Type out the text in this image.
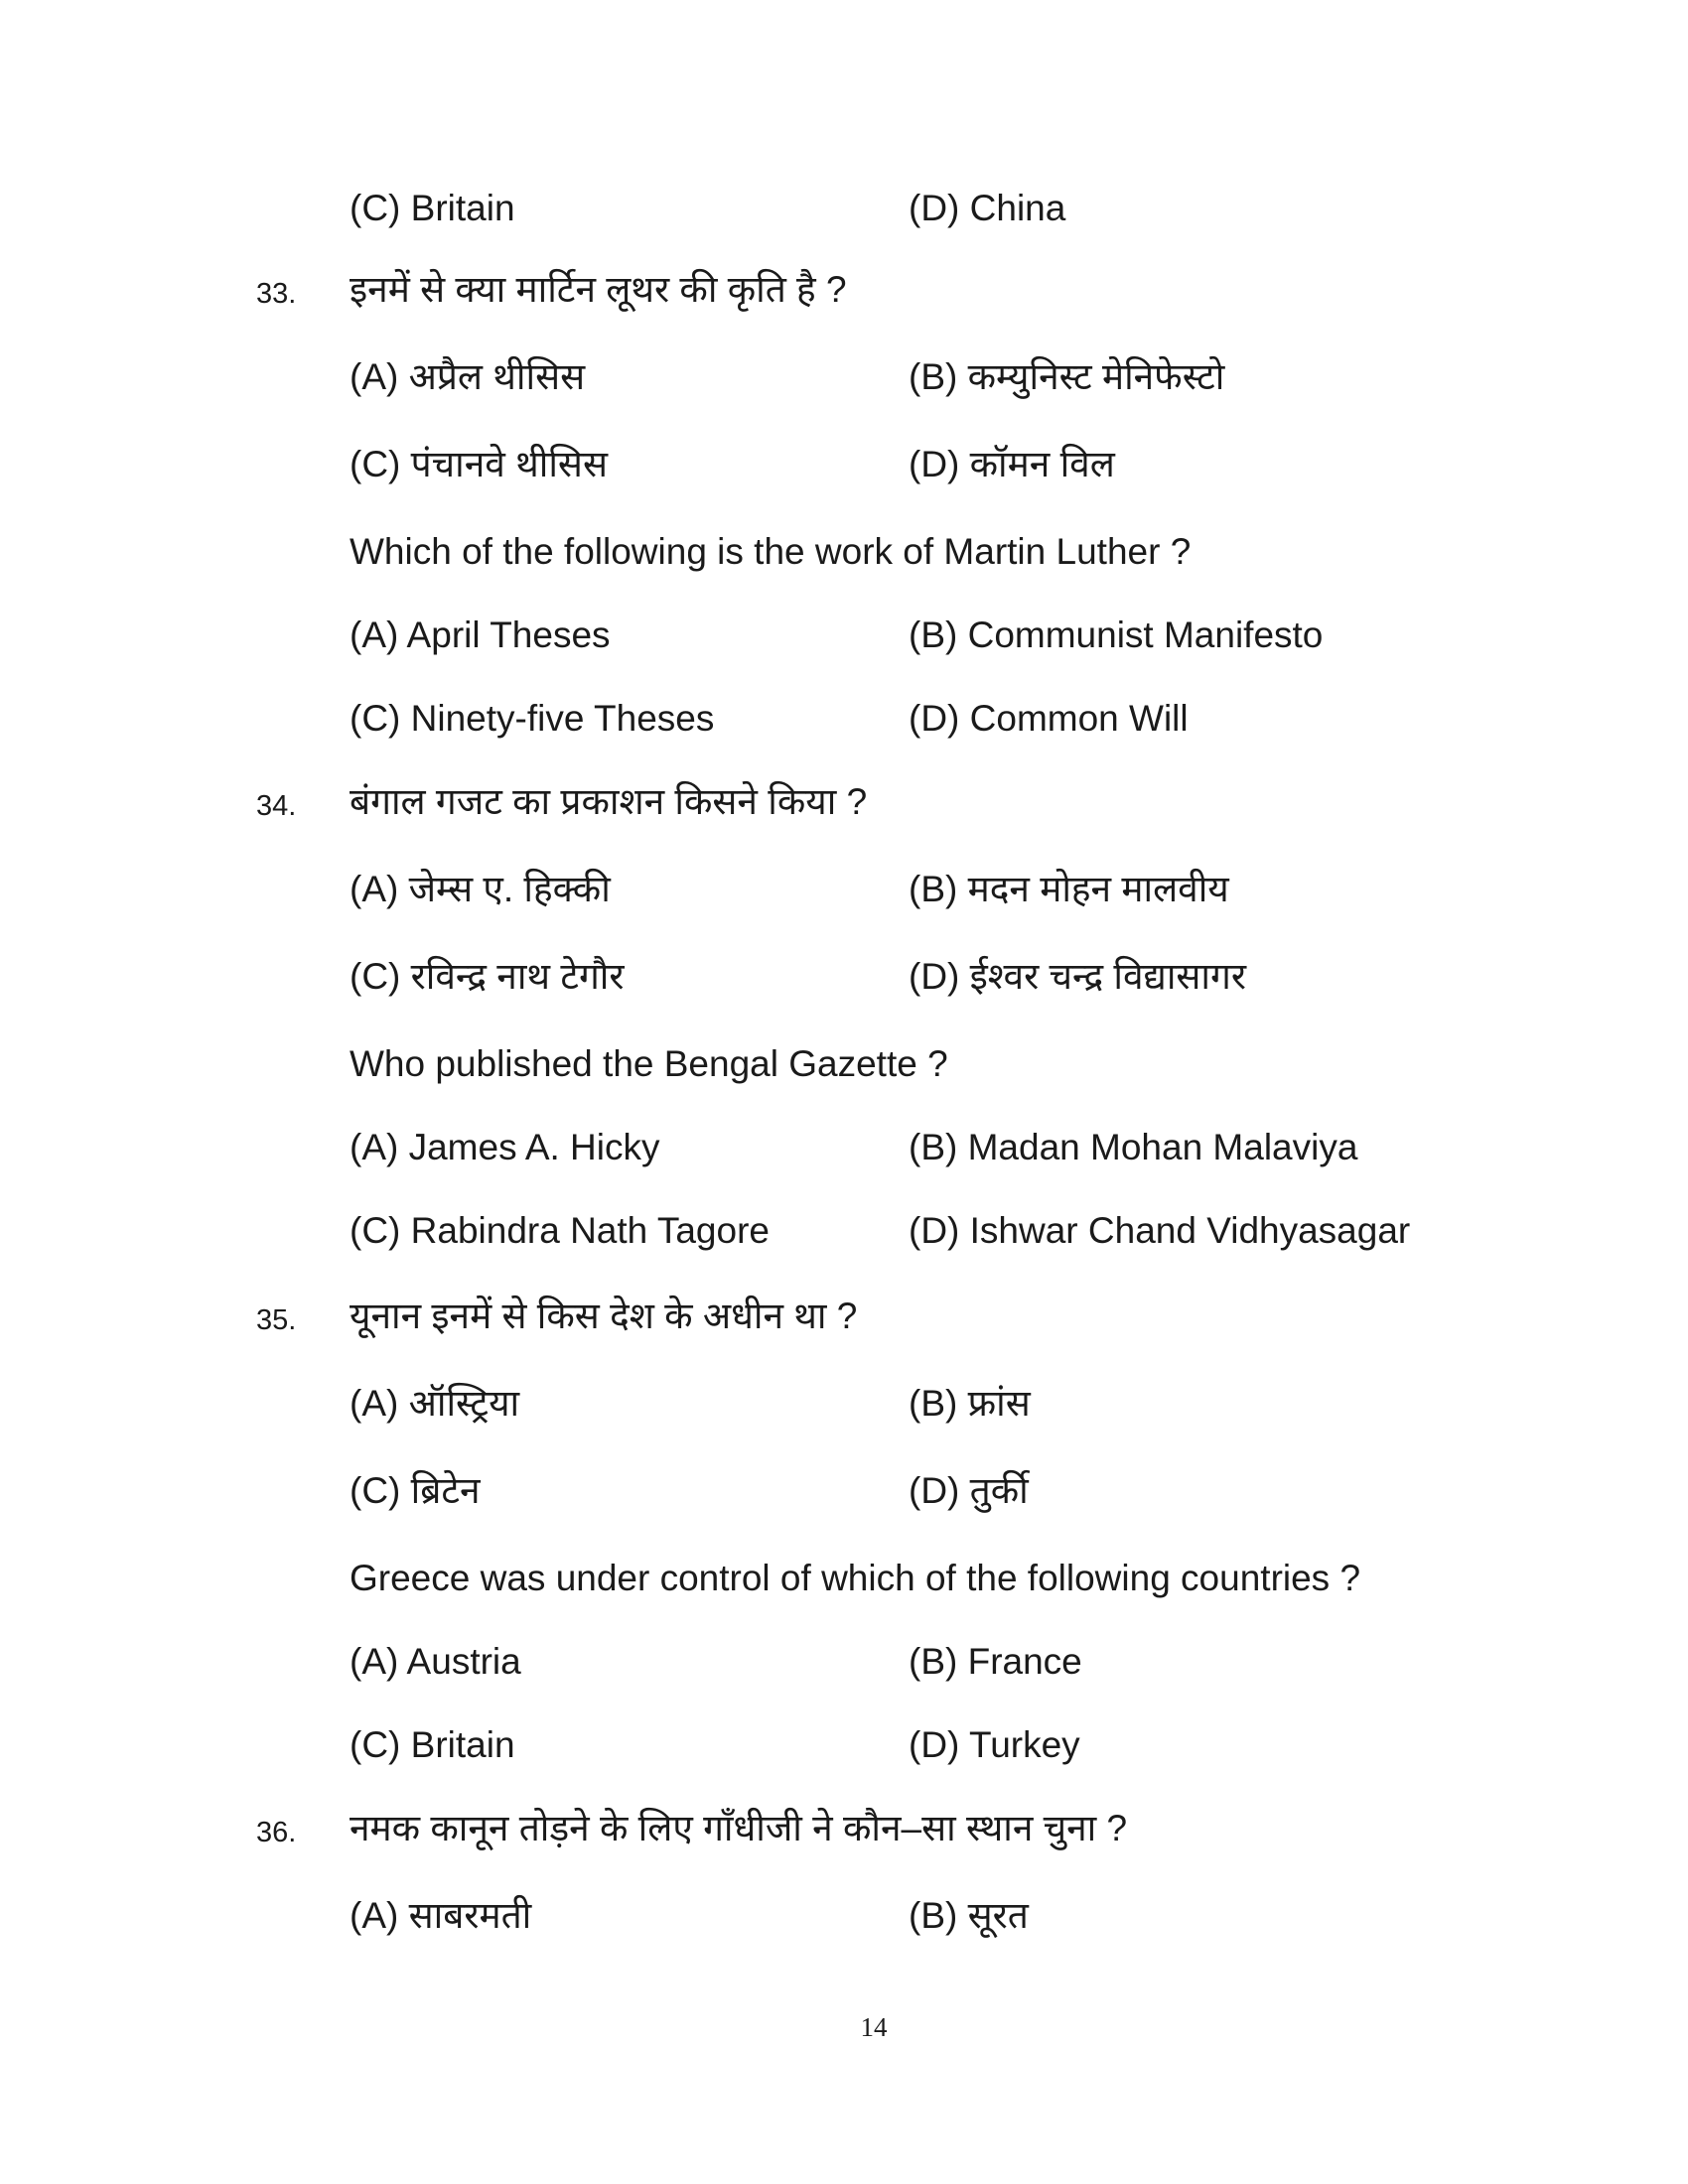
(C) Britain	(D) China
33. इनमें से क्या मार्टिन लूथर की कृति है ?
(A) अप्रैल थीसिस	(B) कम्युनिस्ट मेनिफेस्टो
(C) पंचानवे थीसिस	(D) कॉमन विल
Which of the following is the work of Martin Luther ?
(A) April Theses	(B) Communist Manifesto
(C) Ninety-five Theses	(D) Common Will
34. बंगाल गजट का प्रकाशन किसने किया ?
(A) जेम्स ए. हिक्की	(B) मदन मोहन मालवीय
(C) रविन्द्र नाथ टेगौर	(D) ईश्वर चन्द्र विद्यासागर
Who published the Bengal Gazette ?
(A) James A. Hicky	(B) Madan Mohan Malaviya
(C) Rabindra Nath Tagore	(D) Ishwar Chand Vidhyasagar
35. यूनान इनमें से किस देश के अधीन था ?
(A) ऑस्ट्रिया	(B) फ्रांस
(C) ब्रिटेन	(D) तुर्की
Greece was under control of which of the following countries ?
(A) Austria	(B) France
(C) Britain	(D) Turkey
36. नमक कानून तोड़ने के लिए गाँधीजी ने कौन–सा स्थान चुना ?
(A) साबरमती	(B) सूरत
14
